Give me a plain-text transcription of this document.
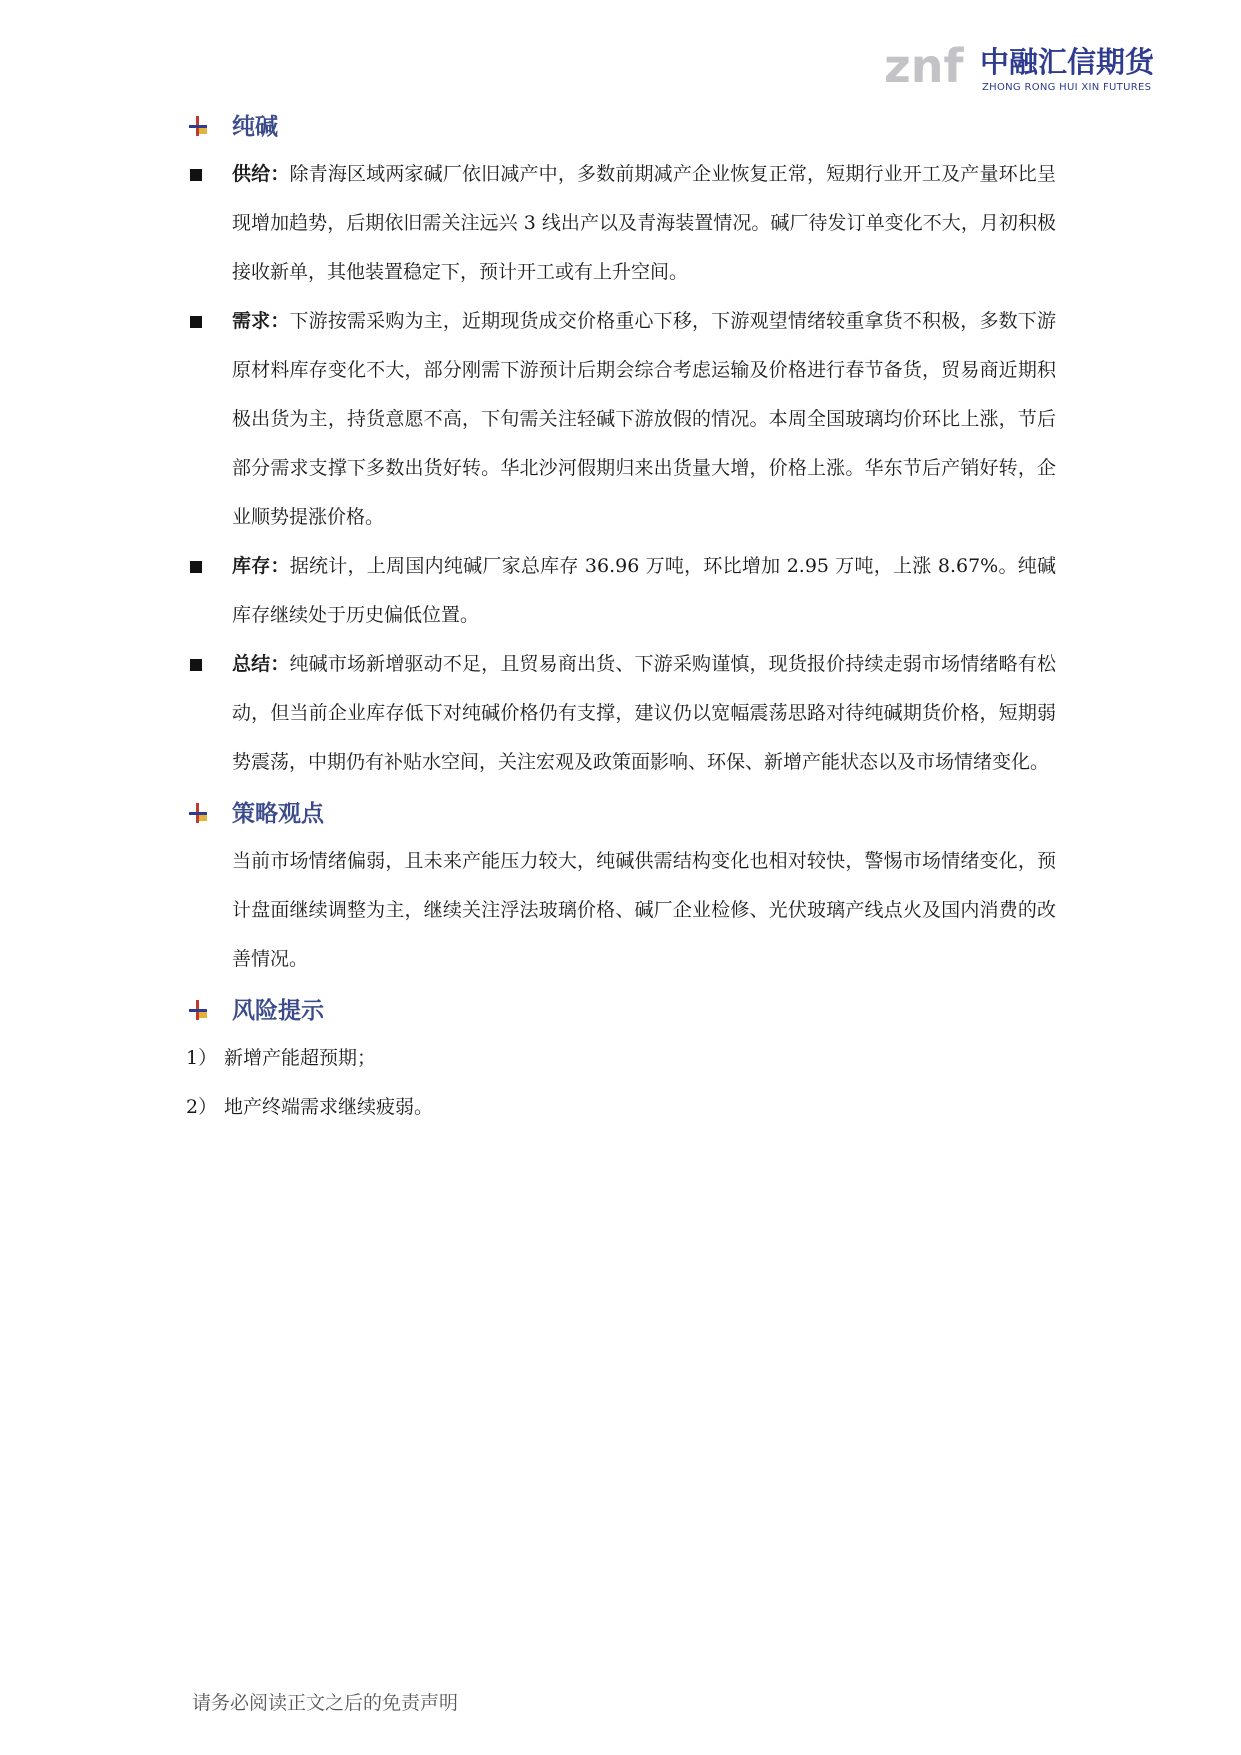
znf 中融汇信期货
ZHONG RONG HUI XIN FUTURES
纯碱

供给：除青海区域两家碱厂依旧减产中，多数前期减产企业恢复正常，短期行业开工及产量环比呈现增加趋势，后期依旧需关注远兴 3 线出产以及青海装置情况。碱厂待发订单变化不大，月初积极接收新单，其他装置稳定下，预计开工或有上升空间。

需求：下游按需采购为主，近期现货成交价格重心下移，下游观望情绪较重拿货不积极，多数下游原材料库存变化不大，部分刚需下游预计后期会综合考虑运输及价格进行春节备货，贸易商近期积极出货为主，持货意愿不高，下旬需关注轻碱下游放假的情况。本周全国玻璃均价环比上涨，节后部分需求支撑下多数出货好转。华北沙河假期归来出货量大增，价格上涨。华东节后产销好转，企业顺势提涨价格。

库存：据统计，上周国内纯碱厂家总库存 36.96 万吨，环比增加 2.95 万吨，上涨 8.67%。纯碱库存继续处于历史偏低位置。

总结：纯碱市场新增驱动不足，且贸易商出货、下游采购谨慎，现货报价持续走弱市场情绪略有松动，但当前企业库存低下对纯碱价格仍有支撑，建议仍以宽幅震荡思路对待纯碱期货价格，短期弱势震荡，中期仍有补贴水空间，关注宏观及政策面影响、环保、新增产能状态以及市场情绪变化。

策略观点

当前市场情绪偏弱，且未来产能压力较大，纯碱供需结构变化也相对较快，警惕市场情绪变化，预计盘面继续调整为主，继续关注浮法玻璃价格、碱厂企业检修、光伏玻璃产线点火及国内消费的改善情况。

风险提示

1） 新增产能超预期；

2） 地产终端需求继续疲弱。

请务必阅读正文之后的免责声明
